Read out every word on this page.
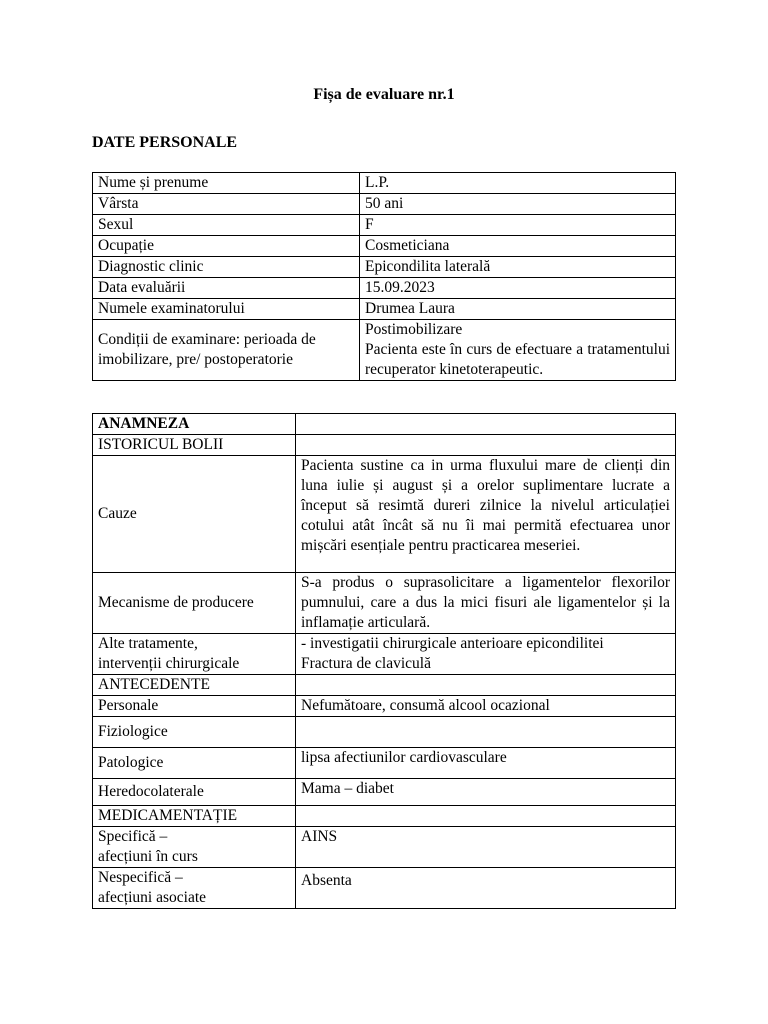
Fișa de evaluare nr.1
DATE PERSONALE
Nume și prenume	L.P.
Vârsta	50 ani
Sexul	F
Ocupație	Cosmeticiana
Diagnostic clinic	Epicondilita laterală
Data evaluării	15.09.2023
Numele examinatorului	Drumea Laura
Condiții de examinare: perioada de imobilizare, pre/ postoperatorie	Postimobilizare
Pacienta este în curs de efectuare a tratamentului recuperator kinetoterapeutic.
ANAMNEZA	
ISTORICUL BOLII	
Cauze	Pacienta sustine ca in urma fluxului mare de clienți din luna iulie și august și a orelor suplimentare lucrate a început să resimtă dureri zilnice la nivelul articulației cotului atât încât să nu îi mai permită efectuarea unor mișcări esențiale pentru practicarea meseriei.
Mecanisme de producere	S-a produs o suprasolicitare a ligamentelor flexorilor pumnului, care a dus la mici fisuri ale ligamentelor și la inflamație articulară.
Alte tratamente,
intervenții chirurgicale	- investigatii chirurgicale anterioare epicondilitei
Fractura de claviculă
ANTECEDENTE	
Personale	Nefumătoare, consumă alcool ocazional
Fiziologice	
Patologice	lipsa afectiunilor cardiovasculare
Heredocolaterale	Mama – diabet
MEDICAMENTAȚIE	
Specifică –
afecțiuni în curs	AINS
Nespecifică –
afecțiuni asociate	Absenta
